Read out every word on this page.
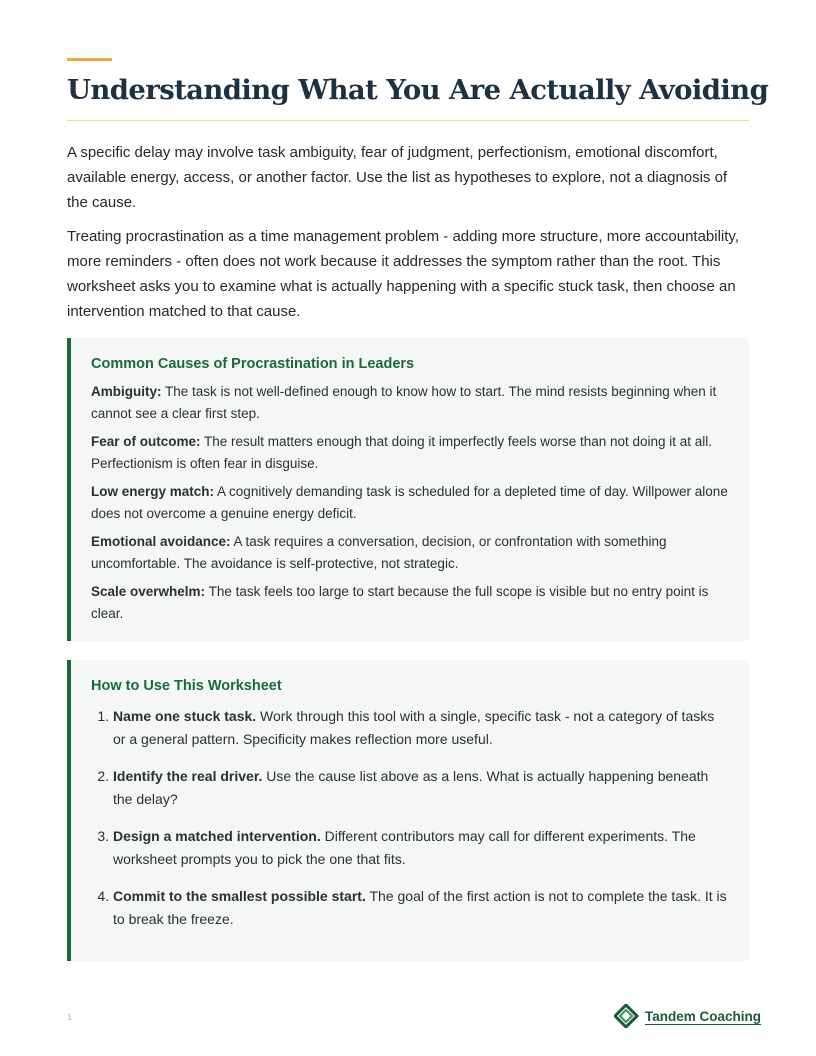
Understanding What You Are Actually Avoiding

A specific delay may involve task ambiguity, fear of judgment, perfectionism, emotional discomfort, available energy, access, or another factor. Use the list as hypotheses to explore, not a diagnosis of the cause.

Treating procrastination as a time management problem - adding more structure, more accountability, more reminders - often does not work because it addresses the symptom rather than the root. This worksheet asks you to examine what is actually happening with a specific stuck task, then choose an intervention matched to that cause.

Common Causes of Procrastination in Leaders

Ambiguity: The task is not well-defined enough to know how to start. The mind resists beginning when it cannot see a clear first step.

Fear of outcome: The result matters enough that doing it imperfectly feels worse than not doing it at all. Perfectionism is often fear in disguise.

Low energy match: A cognitively demanding task is scheduled for a depleted time of day. Willpower alone does not overcome a genuine energy deficit.

Emotional avoidance: A task requires a conversation, decision, or confrontation with something uncomfortable. The avoidance is self-protective, not strategic.

Scale overwhelm: The task feels too large to start because the full scope is visible but no entry point is clear.

How to Use This Worksheet
1. Name one stuck task. Work through this tool with a single, specific task - not a category of tasks or a general pattern. Specificity makes reflection more useful.
2. Identify the real driver. Use the cause list above as a lens. What is actually happening beneath the delay?
3. Design a matched intervention. Different contributors may call for different experiments. The worksheet prompts you to pick the one that fits.
4. Commit to the smallest possible start. The goal of the first action is not to complete the task. It is to break the freeze.
1	Tandem Coaching
